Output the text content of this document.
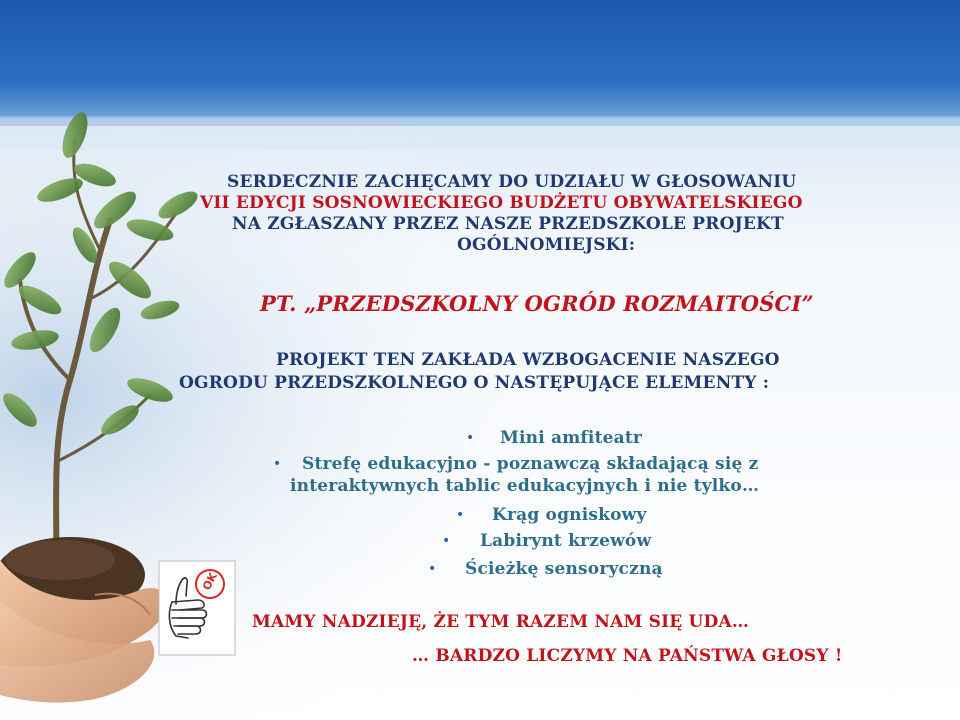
SERDECZNIE ZACHĘCAMY DO UDZIAŁU W GŁOSOWANIU
VII EDYCJI SOSNOWIECKIEGO BUDŻETU OBYWATELSKIEGO
NA ZGŁASZANY PRZEZ NASZE PRZEDSZKOLE PROJEKT
OGÓLNOMIEJSKI:
PT. „PRZEDSZKOLNY OGRÓD ROZMAITOŚCI”
PROJEKT TEN ZAKŁADA WZBOGACENIE NASZEGO
OGRODU PRZEDSZKOLNEGO O NASTĘPUJĄCE ELEMENTY :
• Mini amfiteatr
• Strefę edukacyjno - poznawczą składającą się z
interaktywnych tablic edukacyjnych i nie tylko…
• Krąg ogniskowy
• Labirynt krzewów
• Ścieżkę sensoryczną
OK
MAMY NADZIEJĘ, ŻE TYM RAZEM NAM SIĘ UDA…
… BARDZO LICZYMY NA PAŃSTWA GŁOSY !
